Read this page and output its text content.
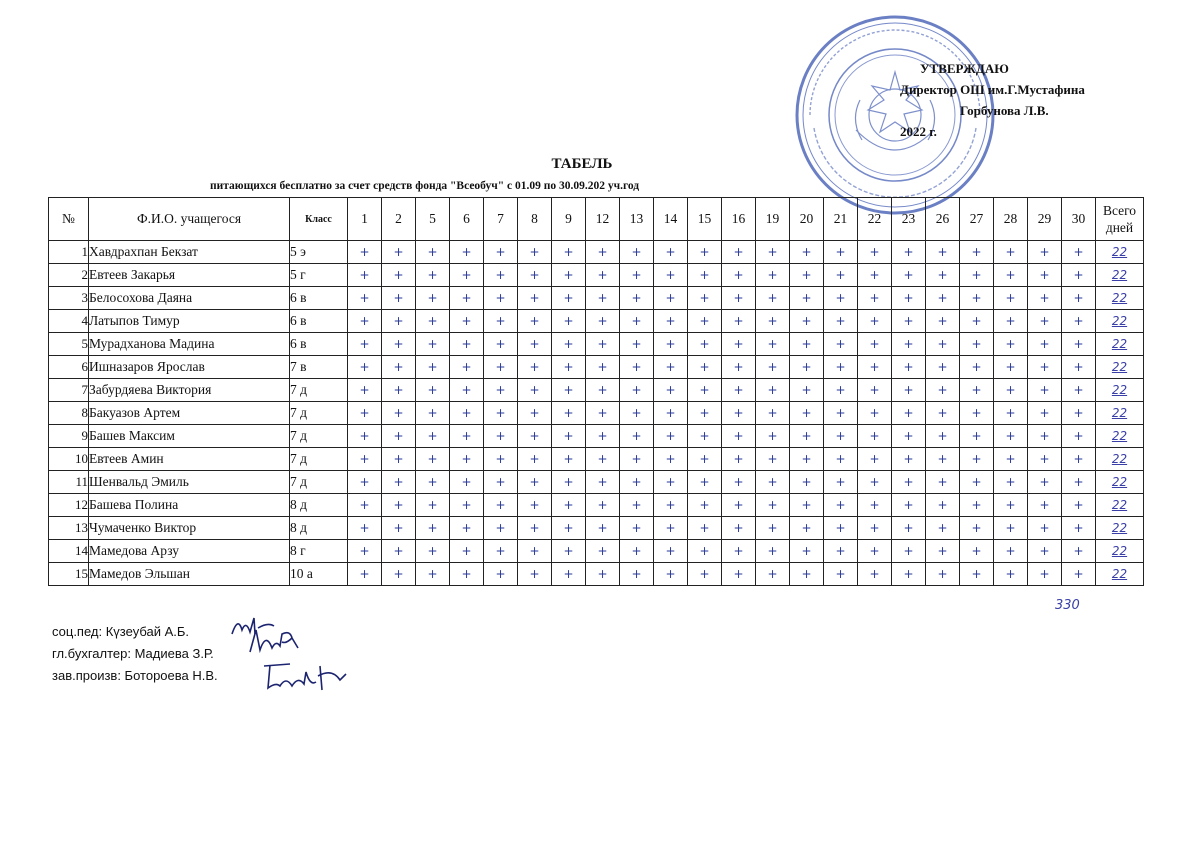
УТВЕРЖДАЮ
Директор ОШ им.Г.Мустафина
Горбунова Л.В.
2022 г.
ТАБЕЛЬ
питающихся бесплатно за счет средств фонда "Всеобуч" с 01.09 по 30.09.202 уч.год
№	Ф.И.О. учащегося	Класс	1	2	5	6	7	8	9	12	13	14	15	16	19	20	21	22	23	26	27	28	29	30	Всего дней
1	Хавдрахпан Бекзат	5 э	+	+	+	+	+	+	+	+	+	+	+	+	+	+	+	+	+	+	+	+	+	+	22
2	Евтеев Закарья	5 г	+	+	+	+	+	+	+	+	+	+	+	+	+	+	+	+	+	+	+	+	+	+	22
3	Белосохова Даяна	6 в	+	+	+	+	+	+	+	+	+	+	+	+	+	+	+	+	+	+	+	+	+	+	22
4	Латыпов Тимур	6 в	+	+	+	+	+	+	+	+	+	+	+	+	+	+	+	+	+	+	+	+	+	+	22
5	Мурадханова Мадина	6 в	+	+	+	+	+	+	+	+	+	+	+	+	+	+	+	+	+	+	+	+	+	+	22
6	Ишназаров Ярослав	7 в	+	+	+	+	+	+	+	+	+	+	+	+	+	+	+	+	+	+	+	+	+	+	22
7	Забурдяева Виктория	7 д	+	+	+	+	+	+	+	+	+	+	+	+	+	+	+	+	+	+	+	+	+	+	22
8	Бакуазов Артем	7 д	+	+	+	+	+	+	+	+	+	+	+	+	+	+	+	+	+	+	+	+	+	+	22
9	Башев Максим	7 д	+	+	+	+	+	+	+	+	+	+	+	+	+	+	+	+	+	+	+	+	+	+	22
10	Евтеев Амин	7 д	+	+	+	+	+	+	+	+	+	+	+	+	+	+	+	+	+	+	+	+	+	+	22
11	Шенвальд Эмиль	7 д	+	+	+	+	+	+	+	+	+	+	+	+	+	+	+	+	+	+	+	+	+	+	22
12	Башева Полина	8 д	+	+	+	+	+	+	+	+	+	+	+	+	+	+	+	+	+	+	+	+	+	+	22
13	Чумаченко Виктор	8 д	+	+	+	+	+	+	+	+	+	+	+	+	+	+	+	+	+	+	+	+	+	+	22
14	Мамедова Арзу	8 г	+	+	+	+	+	+	+	+	+	+	+	+	+	+	+	+	+	+	+	+	+	+	22
15	Мамедов Эльшан	10 а	+	+	+	+	+	+	+	+	+	+	+	+	+	+	+	+	+	+	+	+	+	+	22
330
соц.пед: Күзеубай А.Б.
гл.бухгалтер: Мадиева З.Р.
зав.произв: Ботороева Н.В.
